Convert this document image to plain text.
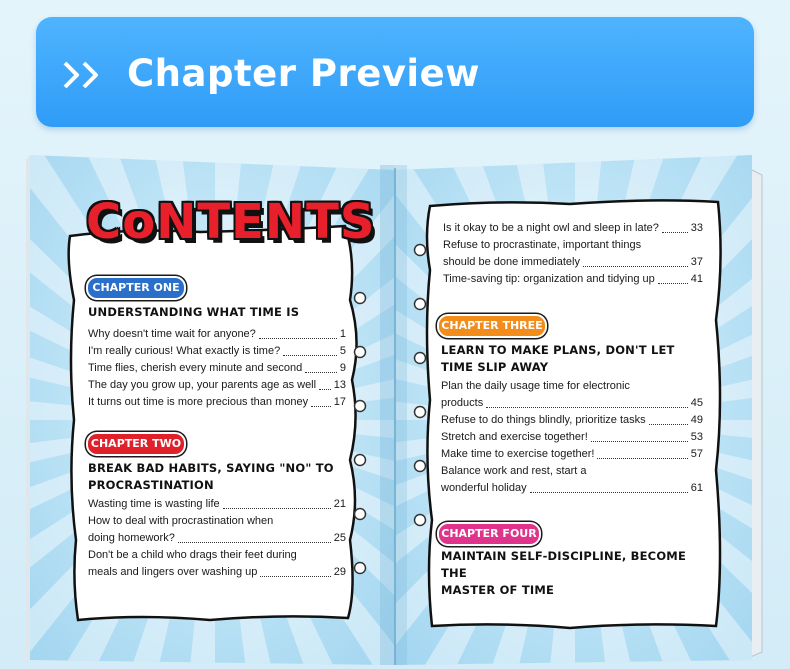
Chapter Preview
CoNTENTS
CHAPTER ONE
UNDERSTANDING WHAT TIME IS
Why doesn't time wait for anyone?	1
I'm really curious! What exactly is time?	5
Time flies, cherish every minute and second	9
The day you grow up, your parents age as well 13
It turns out time is more precious than money 17
CHAPTER TWO
BREAK BAD HABITS, SAYING "NO" TO
PROCRASTINATION
Wasting time is wasting life	21
How to deal with procrastination when
doing homework?	25
Don't be a child who drags their feet during
meals and lingers over washing up	29
Is it okay to be a night owl and sleep in late?	33
Refuse to procrastinate, important things
should be done immediately	37
Time-saving tip: organization and tidying up	41
CHAPTER THREE
LEARN TO MAKE PLANS, DON'T LET
TIME SLIP AWAY
Plan the daily usage time for electronic
products	45
Refuse to do things blindly, prioritize tasks	49
Stretch and exercise together!	53
Make time to exercise together!	57
Balance work and rest, start a
wonderful holiday	61
CHAPTER FOUR
MAINTAIN SELF-DISCIPLINE, BECOME THE
MASTER OF TIME
